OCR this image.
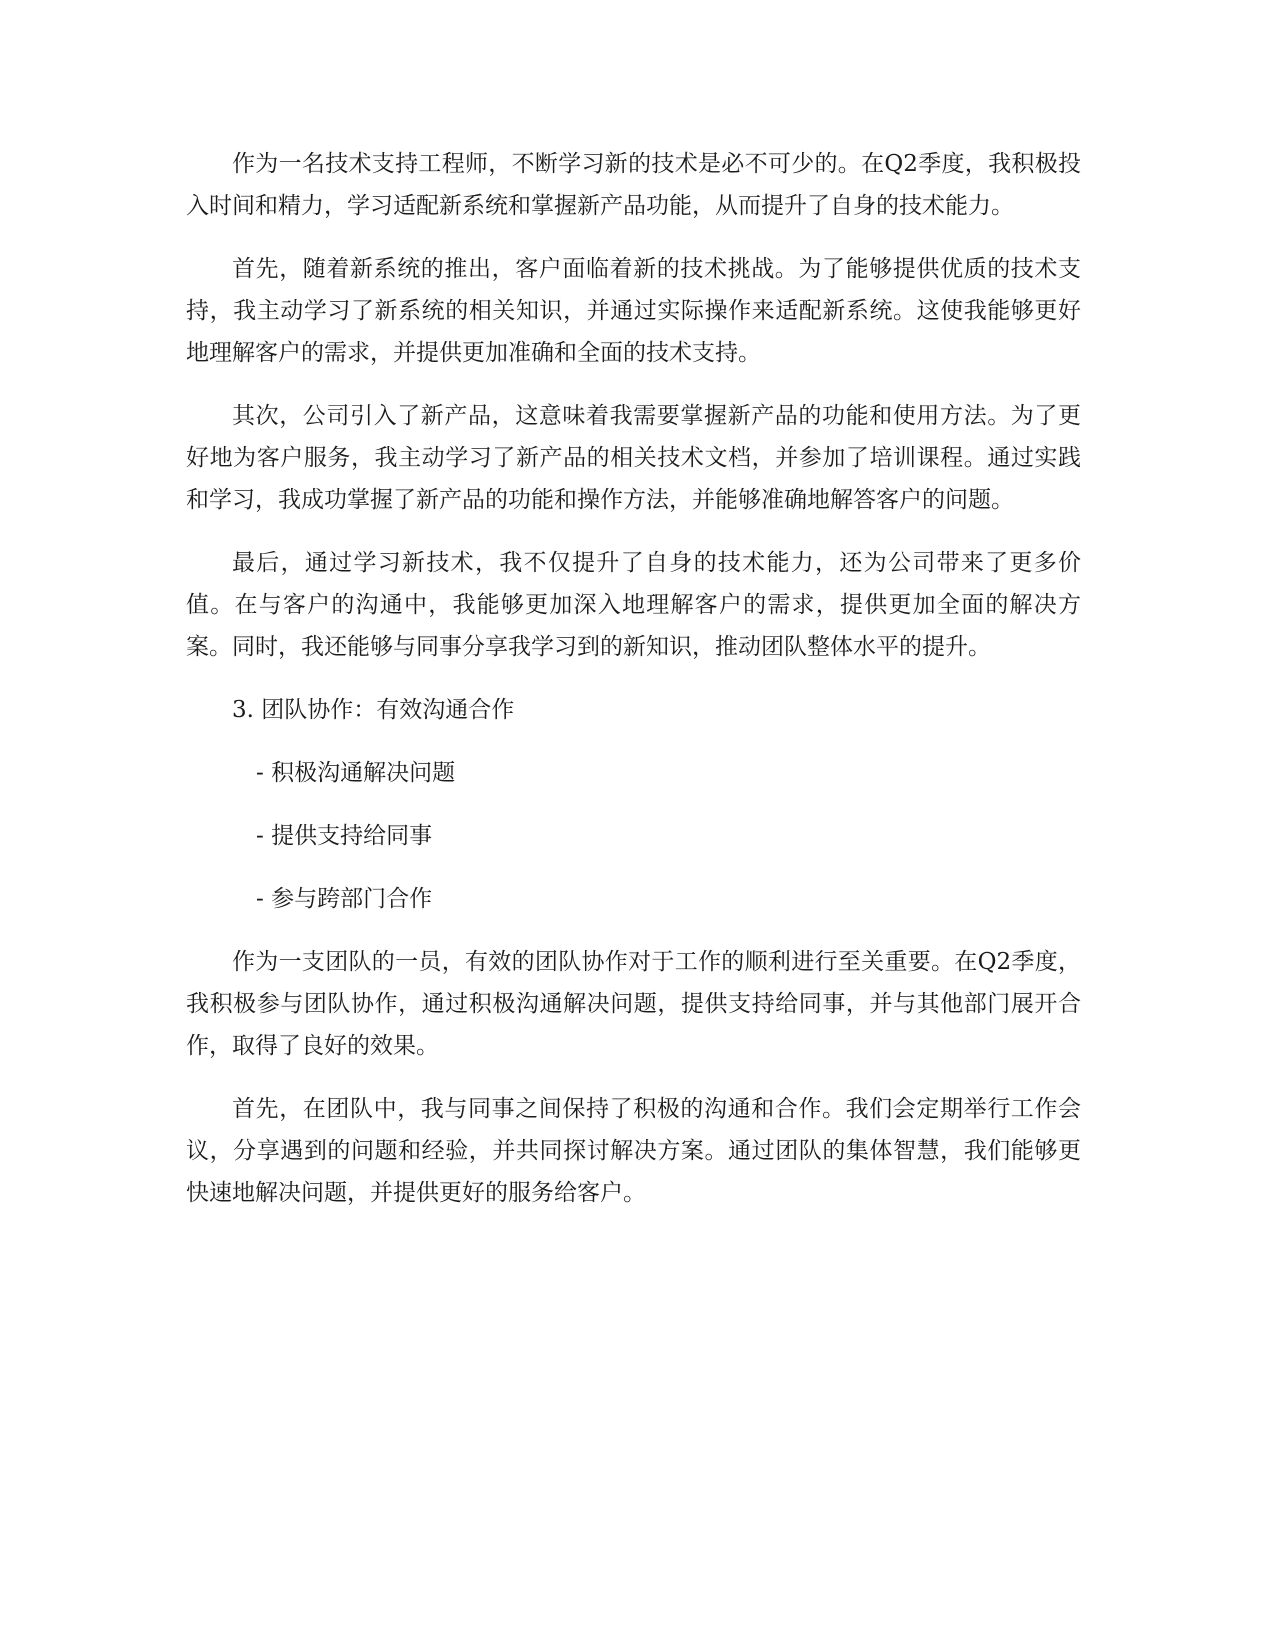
作为一名技术支持工程师，不断学习新的技术是必不可少的。在Q2季度，我积极投入时间和精力，学习适配新系统和掌握新产品功能，从而提升了自身的技术能力。

首先，随着新系统的推出，客户面临着新的技术挑战。为了能够提供优质的技术支持，我主动学习了新系统的相关知识，并通过实际操作来适配新系统。这使我能够更好地理解客户的需求，并提供更加准确和全面的技术支持。

其次，公司引入了新产品，这意味着我需要掌握新产品的功能和使用方法。为了更好地为客户服务，我主动学习了新产品的相关技术文档，并参加了培训课程。通过实践和学习，我成功掌握了新产品的功能和操作方法，并能够准确地解答客户的问题。

最后，通过学习新技术，我不仅提升了自身的技术能力，还为公司带来了更多价值。在与客户的沟通中，我能够更加深入地理解客户的需求，提供更加全面的解决方案。同时，我还能够与同事分享我学习到的新知识，推动团队整体水平的提升。

3. 团队协作：有效沟通合作

- 积极沟通解决问题

- 提供支持给同事

- 参与跨部门合作

作为一支团队的一员，有效的团队协作对于工作的顺利进行至关重要。在Q2季度，我积极参与团队协作，通过积极沟通解决问题，提供支持给同事，并与其他部门展开合作，取得了良好的效果。

首先，在团队中，我与同事之间保持了积极的沟通和合作。我们会定期举行工作会议，分享遇到的问题和经验，并共同探讨解决方案。通过团队的集体智慧，我们能够更快速地解决问题，并提供更好的服务给客户。
